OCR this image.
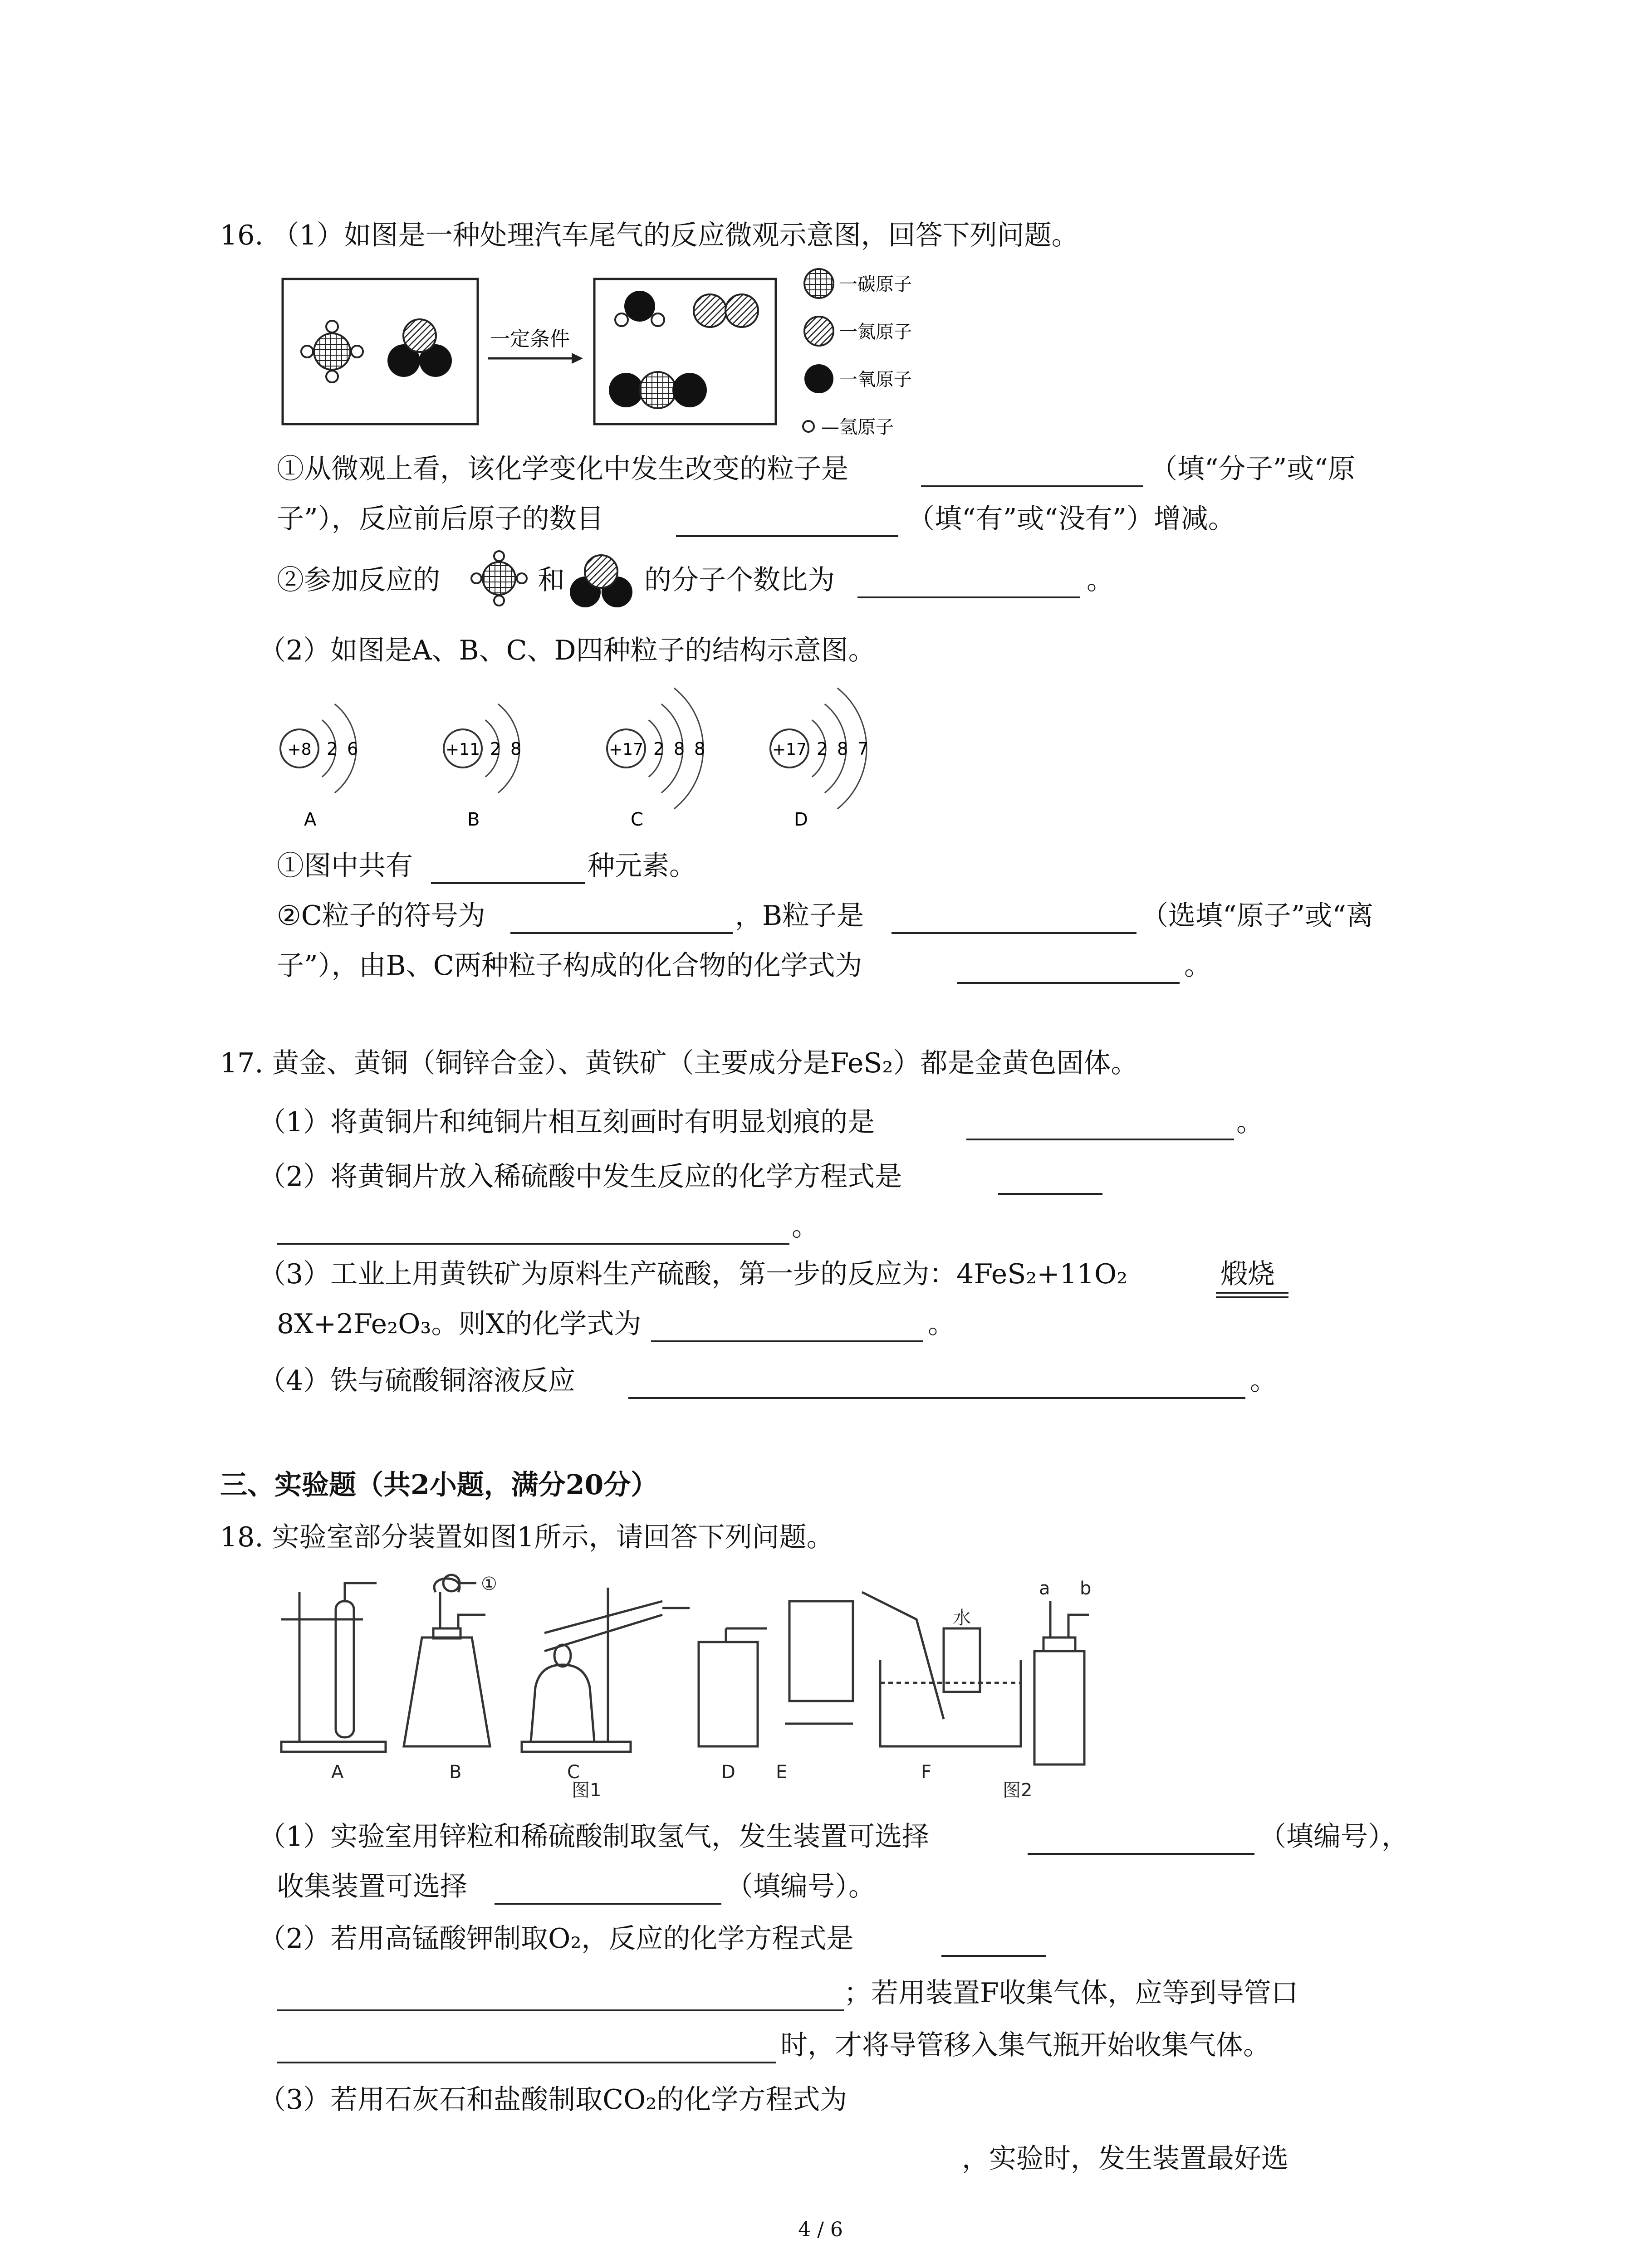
16. （1）如图是一种处理汽车尾气的反应微观示意图，回答下列问题。
一定条件
一碳原子
一氮原子
一氧原子
—氢原子
①从微观上看，该化学变化中发生改变的粒子是	（填“分子”或“原
子”），反应前后原子的数目	（填“有”或“没有”）增减。
②参加反应的	和	的分子个数比为	。
（2）如图是A、B、C、D四种粒子的结构示意图。
+8 2 6
A
+11 2 8
B
+17 2 8 8
C
+17 2 8 7
D
①图中共有	种元素。
②C粒子的符号为	，B粒子是	（选填“原子”或“离
子”），由B、C两种粒子构成的化合物的化学式为	。
17. 黄金、黄铜（铜锌合金）、黄铁矿（主要成分是FeS₂）都是金黄色固体。
（1）将黄铜片和纯铜片相互刻画时有明显划痕的是	。
（2）将黄铜片放入稀硫酸中发生反应的化学方程式是
。
（3）工业上用黄铁矿为原料生产硫酸，第一步的反应为：4FeS₂+11O₂	煅烧
8X+2Fe₂O₃。则X的化学式为	。
（4）铁与硫酸铜溶液反应	。
三、实验题（共2小题，满分20分）
18. 实验室部分装置如图1所示，请回答下列问题。
A	B	C	D E	F
图1	图2
①
水
a b
（1）实验室用锌粒和稀硫酸制取氢气，发生装置可选择	（填编号），
收集装置可选择	（填编号）。
（2）若用高锰酸钾制取O₂，反应的化学方程式是
；若用装置F收集气体，应等到导管口
时，才将导管移入集气瓶开始收集气体。
（3）若用石灰石和盐酸制取CO₂的化学方程式为
，实验时，发生装置最好选
4 / 6
